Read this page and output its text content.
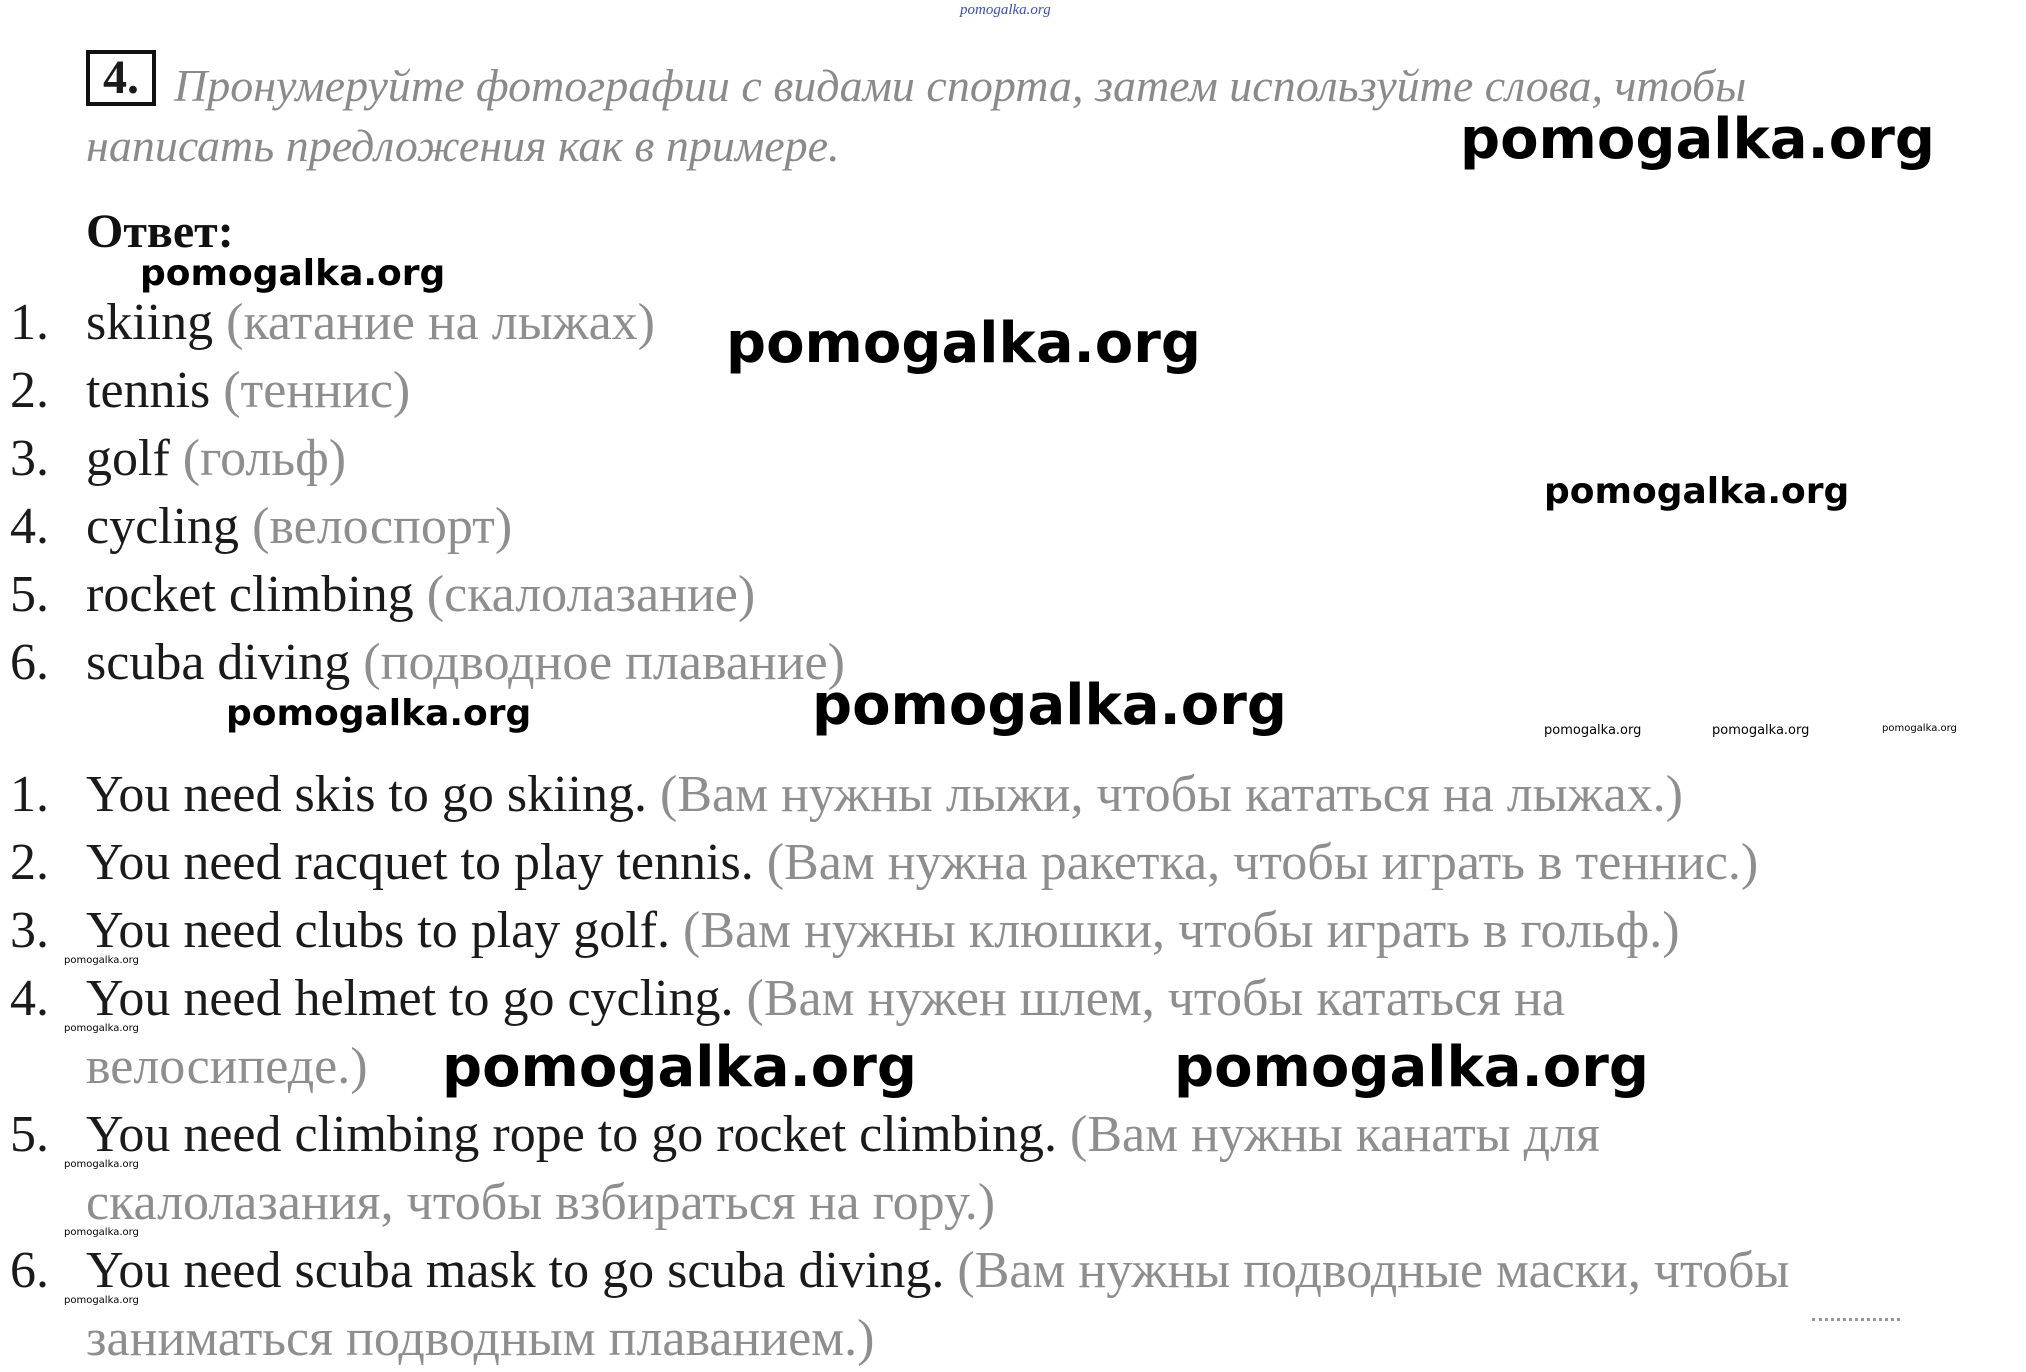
pomogalka.org
4. Пронумеруйте фотографии с видами спорта, затем используйте слова, чтобы
написать предложения как в примере.
Ответ:
1. skiing (катание на лыжах)
2. tennis (теннис)
3. golf (гольф)
4. cycling (велоспорт)
5. rocket climbing (скалолазание)
6. scuba diving (подводное плавание)
1. You need skis to go skiing. (Вам нужны лыжи, чтобы кататься на лыжах.)
2. You need racquet to play tennis. (Вам нужна ракетка, чтобы играть в теннис.)
3. You need clubs to play golf. (Вам нужны клюшки, чтобы играть в гольф.)
4. You need helmet to go cycling. (Вам нужен шлем, чтобы кататься на
велосипеде.)
5. You need climbing rope to go rocket climbing. (Вам нужны канаты для
скалолазания, чтобы взбираться на гору.)
6. You need scuba mask to go scuba diving. (Вам нужны подводные маски, чтобы
заниматься подводным плаванием.)
pomogalka.org
pomogalka.org
pomogalka.org
pomogalka.org
pomogalka.org	pomogalka.org	pomogalka.org	pomogalka.org	pomogalka.org
pomogalka.org
pomogalka.org
pomogalka.org	pomogalka.org
pomogalka.org
pomogalka.org
pomogalka.org
